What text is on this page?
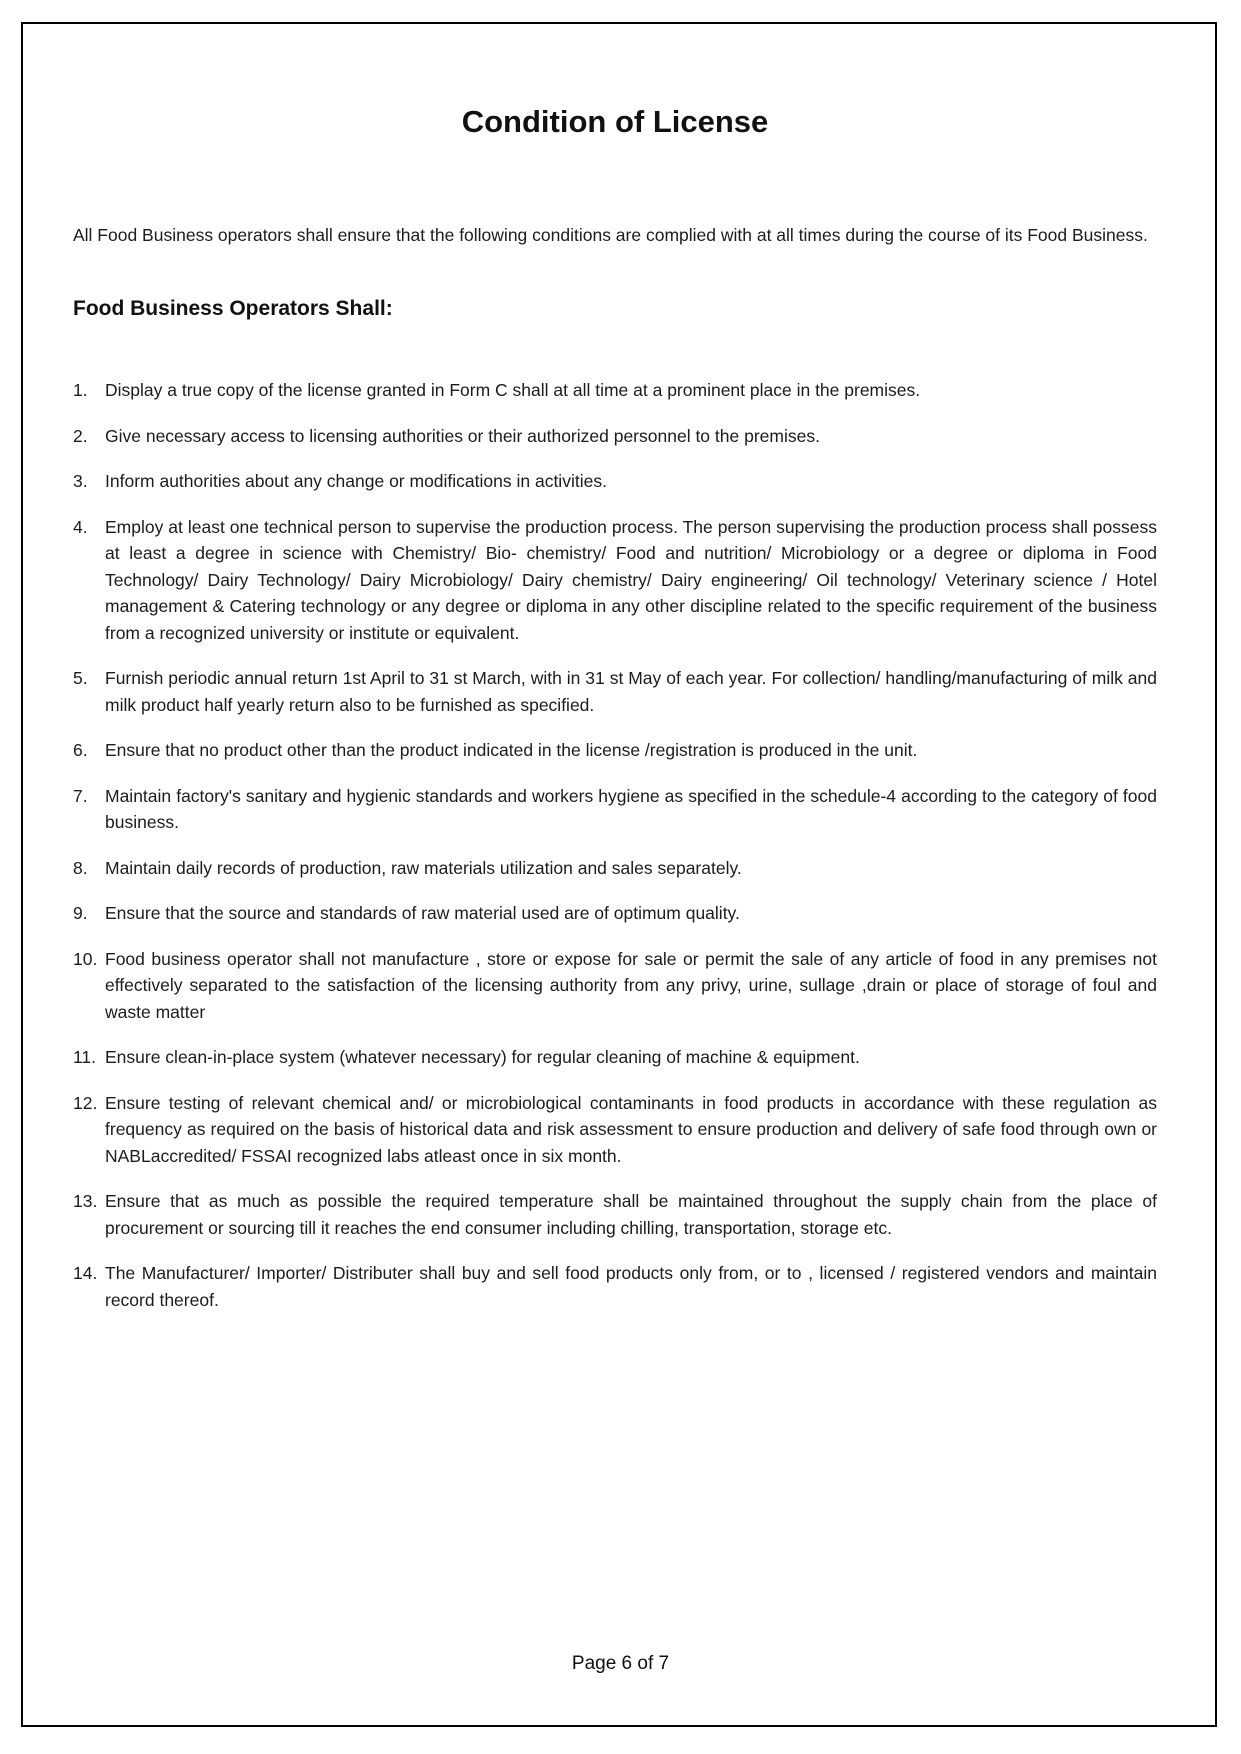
Condition of License

All Food Business operators shall ensure that the following conditions are complied with at all times during the course of its Food Business.

Food Business Operators Shall:
1. Display a true copy of the license granted in Form C shall at all time at a prominent place in the premises.
2. Give necessary access to licensing authorities or their authorized personnel to the premises.
3. Inform authorities about any change or modifications in activities.
4. Employ at least one technical person to supervise the production process. The person supervising the production process shall possess at least a degree in science with Chemistry/ Bio- chemistry/ Food and nutrition/ Microbiology or a degree or diploma in Food Technology/ Dairy Technology/ Dairy Microbiology/ Dairy chemistry/ Dairy engineering/ Oil technology/ Veterinary science / Hotel management & Catering technology or any degree or diploma in any other discipline related to the specific requirement of the business from a recognized university or institute or equivalent.
5. Furnish periodic annual return 1st April to 31 st March, with in 31 st May of each year. For collection/ handling/manufacturing of milk and milk product half yearly return also to be furnished as specified.
6. Ensure that no product other than the product indicated in the license /registration is produced in the unit.
7. Maintain factory's sanitary and hygienic standards and workers hygiene as specified in the schedule-4 according to the category of food business.
8. Maintain daily records of production, raw materials utilization and sales separately.
9. Ensure that the source and standards of raw material used are of optimum quality.
10. Food business operator shall not manufacture , store or expose for sale or permit the sale of any article of food in any premises not effectively separated to the satisfaction of the licensing authority from any privy, urine, sullage ,drain or place of storage of foul and waste matter
11. Ensure clean-in-place system (whatever necessary) for regular cleaning of machine & equipment.
12. Ensure testing of relevant chemical and/ or microbiological contaminants in food products in accordance with these regulation as frequency as required on the basis of historical data and risk assessment to ensure production and delivery of safe food through own or NABLaccredited/ FSSAI recognized labs atleast once in six month.
13. Ensure that as much as possible the required temperature shall be maintained throughout the supply chain from the place of procurement or sourcing till it reaches the end consumer including chilling, transportation, storage etc.
14. The Manufacturer/ Importer/ Distributer shall buy and sell food products only from, or to , licensed / registered vendors and maintain record thereof.
Page 6 of 7
